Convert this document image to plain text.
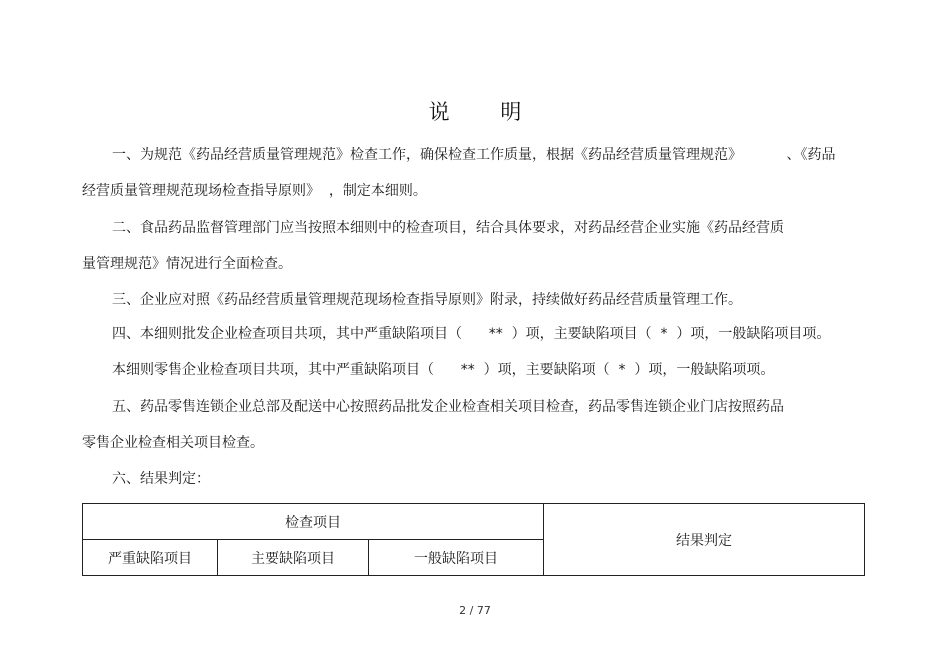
说 明
一、为规范《药品经营质量管理规范》检查工作，确保检查工作质量，根据《药品经营质量管理规范》          、《药品
经营质量管理规范现场检查指导原则》  ，制定本细则。
二、食品药品监督管理部门应当按照本细则中的检查项目，结合具体要求，对药品经营企业实施《药品经营质
量管理规范》情况进行全面检查。
三、企业应对照《药品经营质量管理规范现场检查指导原则》附录，持续做好药品经营质量管理工作。
四、本细则批发企业检查项目共项，其中严重缺陷项目（      **  ）项，主要缺陷项目（  *  ）项，一般缺陷项目项。
本细则零售企业检查项目共项，其中严重缺陷项目（      **  ）项，主要缺陷项（  *  ）项，一般缺陷项项。
五、药品零售连锁企业总部及配送中心按照药品批发企业检查相关项目检查，药品零售连锁企业门店按照药品
零售企业检查相关项目检查。
六、结果判定：
检查项目			结果判定
严重缺陷项目	主要缺陷项目	一般缺陷项目	
2 / 77
